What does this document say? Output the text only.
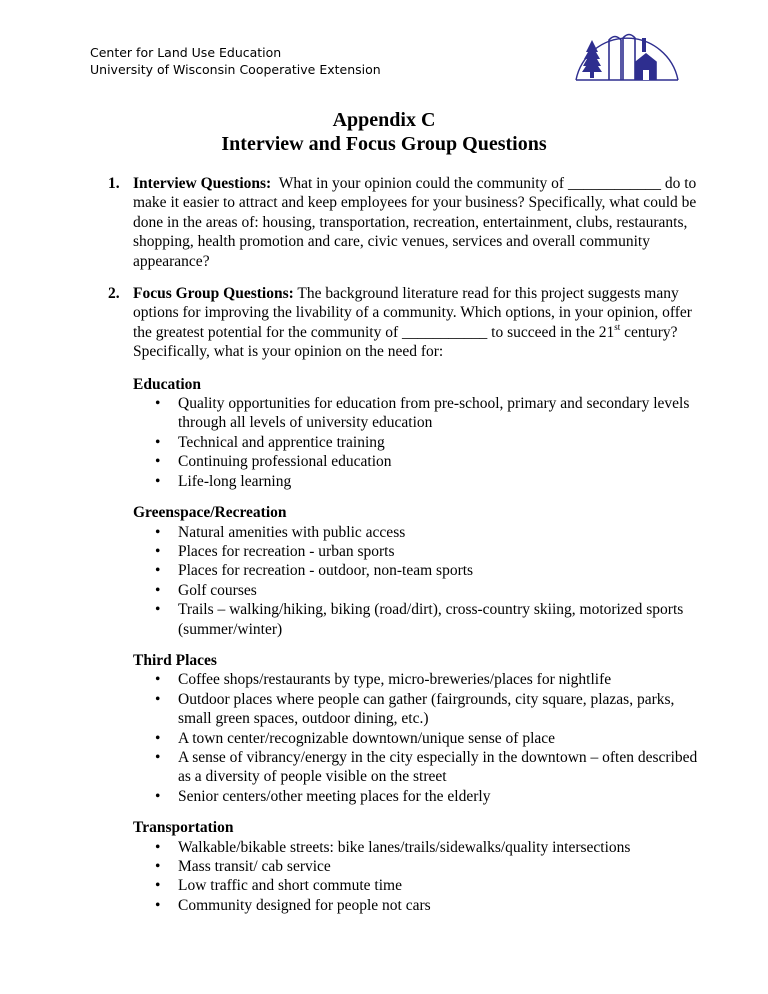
Center for Land Use Education
University of Wisconsin Cooperative Extension
Appendix C
Interview and Focus Group Questions
1. Interview Questions: What in your opinion could the community of ____________ do to make it easier to attract and keep employees for your business? Specifically, what could be done in the areas of: housing, transportation, recreation, entertainment, clubs, restaurants, shopping, health promotion and care, civic venues, services and overall community appearance?
2. Focus Group Questions: The background literature read for this project suggests many options for improving the livability of a community. Which options, in your opinion, offer the greatest potential for the community of ___________ to succeed in the 21st century? Specifically, what is your opinion on the need for:
Education
• Quality opportunities for education from pre-school, primary and secondary levels through all levels of university education
• Technical and apprentice training
• Continuing professional education
• Life-long learning
Greenspace/Recreation
• Natural amenities with public access
• Places for recreation - urban sports
• Places for recreation - outdoor, non-team sports
• Golf courses
• Trails – walking/hiking, biking (road/dirt), cross-country skiing, motorized sports (summer/winter)
Third Places
• Coffee shops/restaurants by type, micro-breweries/places for nightlife
• Outdoor places where people can gather (fairgrounds, city square, plazas, parks, small green spaces, outdoor dining, etc.)
• A town center/recognizable downtown/unique sense of place
• A sense of vibrancy/energy in the city especially in the downtown – often described as a diversity of people visible on the street
• Senior centers/other meeting places for the elderly
Transportation
• Walkable/bikable streets: bike lanes/trails/sidewalks/quality intersections
• Mass transit/ cab service
• Low traffic and short commute time
• Community designed for people not cars
